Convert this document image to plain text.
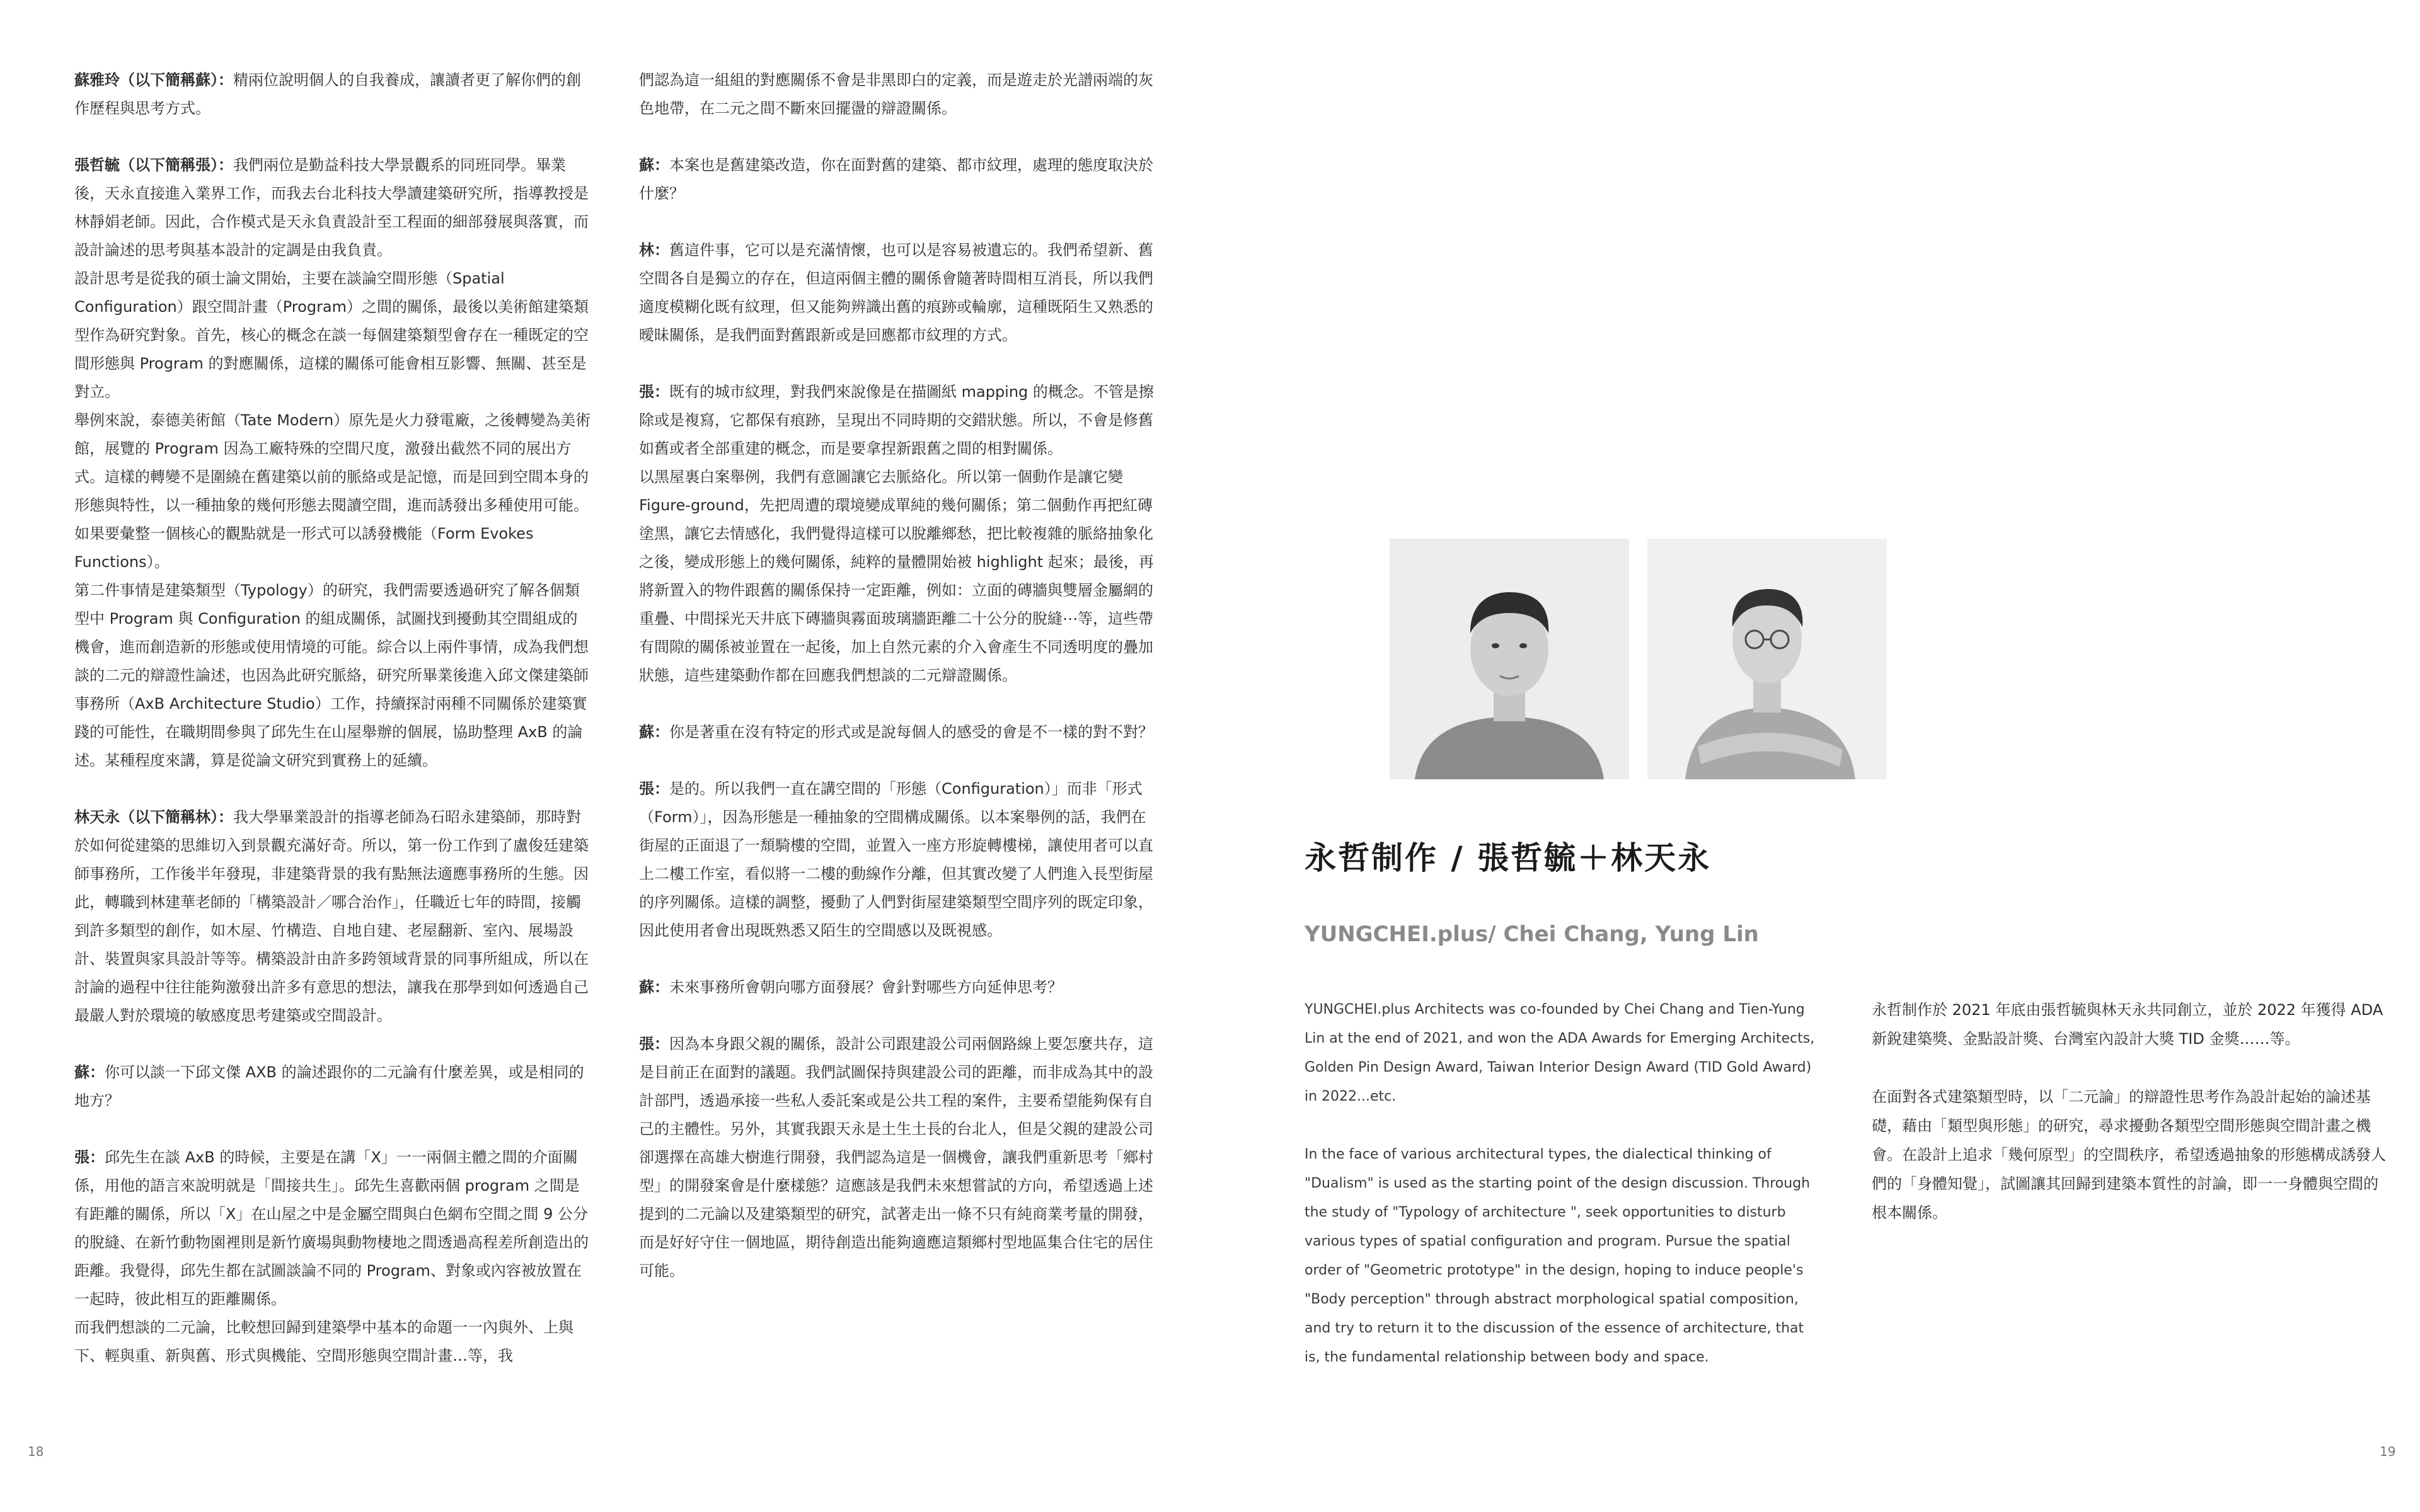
蘇雅玲（以下簡稱蘇）：精兩位說明個人的自我養成，讓讀者更了解你們的創作歷程與思考方式。

張哲毓（以下簡稱張）：我們兩位是勤益科技大學景觀系的同班同學。畢業後，天永直接進入業界工作，而我去台北科技大學讀建築研究所，指導教授是林靜娟老師。因此，合作模式是天永負責設計至工程面的細部發展與落實，而設計論述的思考與基本設計的定調是由我負責。

設計思考是從我的碩士論文開始，主要在談論空間形態（Spatial Configuration）跟空間計畫（Program）之間的關係，最後以美術館建築類型作為研究對象。首先，核心的概念在談一每個建築類型會存在一種既定的空間形態與 Program 的對應關係，這樣的關係可能會相互影響、無關、甚至是對立。

舉例來說，泰德美術館（Tate Modern）原先是火力發電廠，之後轉變為美術館，展覽的 Program 因為工廠特殊的空間尺度，激發出截然不同的展出方式。這樣的轉變不是圍繞在舊建築以前的脈絡或是記憶，而是回到空間本身的形態與特性，以一種抽象的幾何形態去閱讀空間，進而誘發出多種使用可能。如果要彙整一個核心的觀點就是一形式可以誘發機能（Form Evokes Functions）。

第二件事情是建築類型（Typology）的研究，我們需要透過研究了解各個類型中 Program 與 Configuration 的組成關係，試圖找到擾動其空間組成的機會，進而創造新的形態或使用情境的可能。綜合以上兩件事情，成為我們想談的二元的辯證性論述，也因為此研究脈絡，研究所畢業後進入邱文傑建築師事務所（AxB Architecture Studio）工作，持續探討兩種不同關係於建築實踐的可能性，在職期間參與了邱先生在山屋舉辦的個展，協助整理 AxB 的論述。某種程度來講，算是從論文研究到實務上的延續。

林天永（以下簡稱林）：我大學畢業設計的指導老師為石昭永建築師，那時對於如何從建築的思維切入到景觀充滿好奇。所以，第一份工作到了盧俊廷建築師事務所，工作後半年發現，非建築背景的我有點無法適應事務所的生態。因此，轉職到林建華老師的「構築設計／哪合治作」，任職近七年的時間，接觸到許多類型的創作，如木屋、竹構造、自地自建、老屋翻新、室內、展場設計、裝置與家具設計等等。構築設計由許多跨領域背景的同事所組成，所以在討論的過程中往往能夠激發出許多有意思的想法，讓我在那學到如何透過自己最嚴人對於環境的敏感度思考建築或空間設計。

蘇：你可以談一下邱文傑 AXB 的論述跟你的二元論有什麼差異，或是相同的地方？

張：邱先生在談 AxB 的時候，主要是在講「X」一一兩個主體之間的介面關係，用他的語言來說明就是「間接共生」。邱先生喜歡兩個 program 之間是有距離的關係，所以「X」在山屋之中是金屬空間與白色網布空間之間 9 公分的脫縫、在新竹動物園裡則是新竹廣場與動物棲地之間透過高程差所創造出的距離。我覺得，邱先生都在試圖談論不同的 Program、對象或內容被放置在一起時，彼此相互的距離關係。

而我們想談的二元論，比較想回歸到建築學中基本的命題一一內與外、上與下、輕與重、新與舊、形式與機能、空間形態與空間計畫…等，我

們認為這一組組的對應關係不會是非黑即白的定義，而是遊走於光譜兩端的灰色地帶，在二元之間不斷來回擺盪的辯證關係。

蘇：本案也是舊建築改造，你在面對舊的建築、都市紋理，處理的態度取決於什麼？

林：舊這件事，它可以是充滿情懷，也可以是容易被遺忘的。我們希望新、舊空間各自是獨立的存在，但這兩個主體的關係會隨著時間相互消長，所以我們適度模糊化既有紋理，但又能夠辨識出舊的痕跡或輪廓，這種既陌生又熟悉的曖昧關係，是我們面對舊跟新或是回應都市紋理的方式。

張：既有的城市紋理，對我們來說像是在描圖紙 mapping 的概念。不管是擦除或是複寫，它都保有痕跡，呈現出不同時期的交錯狀態。所以，不會是修舊如舊或者全部重建的概念，而是要拿捏新跟舊之間的相對關係。

以黑屋裏白案舉例，我們有意圖讓它去脈絡化。所以第一個動作是讓它變 Figure-ground，先把周遭的環境變成單純的幾何關係；第二個動作再把紅磚塗黑，讓它去情感化，我們覺得這樣可以脫離鄉愁，把比較複雜的脈絡抽象化之後，變成形態上的幾何關係，純粹的量體開始被 highlight 起來；最後，再將新置入的物件跟舊的關係保持一定距離，例如：立面的磚牆與雙層金屬網的重疊、中間採光天井底下磚牆與霧面玻璃牆距離二十公分的脫縫⋯等，這些帶有間隙的關係被並置在一起後，加上自然元素的介入會產生不同透明度的疊加狀態，這些建築動作都在回應我們想談的二元辯證關係。

蘇：你是著重在沒有特定的形式或是說每個人的感受的會是不一樣的對不對？

張：是的。所以我們一直在講空間的「形態（Configuration）」而非「形式（Form）」，因為形態是一種抽象的空間構成關係。以本案舉例的話，我們在街屋的正面退了一頹騎樓的空間，並置入一座方形旋轉樓梯，讓使用者可以直上二樓工作室，看似將一二樓的動線作分離，但其實改變了人們進入長型街屋的序列關係。這樣的調整，擾動了人們對街屋建築類型空間序列的既定印象，因此使用者會出現既熟悉又陌生的空間感以及既視感。

蘇：未來事務所會朝向哪方面發展？會針對哪些方向延伸思考？

張：因為本身跟父親的關係，設計公司跟建設公司兩個路線上要怎麼共存，這是目前正在面對的議題。我們試圖保持與建設公司的距離，而非成為其中的設計部門，透過承接一些私人委託案或是公共工程的案件，主要希望能夠保有自己的主體性。另外，其實我跟天永是土生土長的台北人，但是父親的建設公司卻選擇在高雄大樹進行開發，我們認為這是一個機會，讓我們重新思考「鄉村型」的開發案會是什麼樣態？這應該是我們未來想嘗試的方向，希望透過上述提到的二元論以及建築類型的研究，試著走出一條不只有純商業考量的開發，而是好好守住一個地區，期待創造出能夠適應這類鄉村型地區集合住宅的居住可能。

永哲制作 / 張哲毓＋林天永
YUNGCHEI.plus/ Chei Chang, Yung Lin

YUNGCHEI.plus Architects was co-founded by Chei Chang and Tien-Yung Lin at the end of 2021, and won the ADA Awards for Emerging Architects, Golden Pin Design Award, Taiwan Interior Design Award (TID Gold Award) in 2022...etc.

In the face of various architectural types, the dialectical thinking of "Dualism" is used as the starting point of the design discussion. Through the study of "Typology of architecture ", seek opportunities to disturb various types of spatial configuration and program. Pursue the spatial order of "Geometric prototype" in the design, hoping to induce people's "Body perception" through abstract morphological spatial composition, and try to return it to the discussion of the essence of architecture, that is, the fundamental relationship between body and space.

永哲制作於 2021 年底由張哲毓與林天永共同創立，並於 2022 年獲得 ADA 新銳建築獎、金點設計獎、台灣室內設計大獎 TID 金獎……等。

在面對各式建築類型時，以「二元論」的辯證性思考作為設計起始的論述基礎，藉由「類型與形態」的研究，尋求擾動各類型空間形態與空間計畫之機會。在設計上追求「幾何原型」的空間秩序，希望透過抽象的形態構成誘發人們的「身體知覺」，試圖讓其回歸到建築本質性的討論，即一一身體與空間的根本關係。

18	19
